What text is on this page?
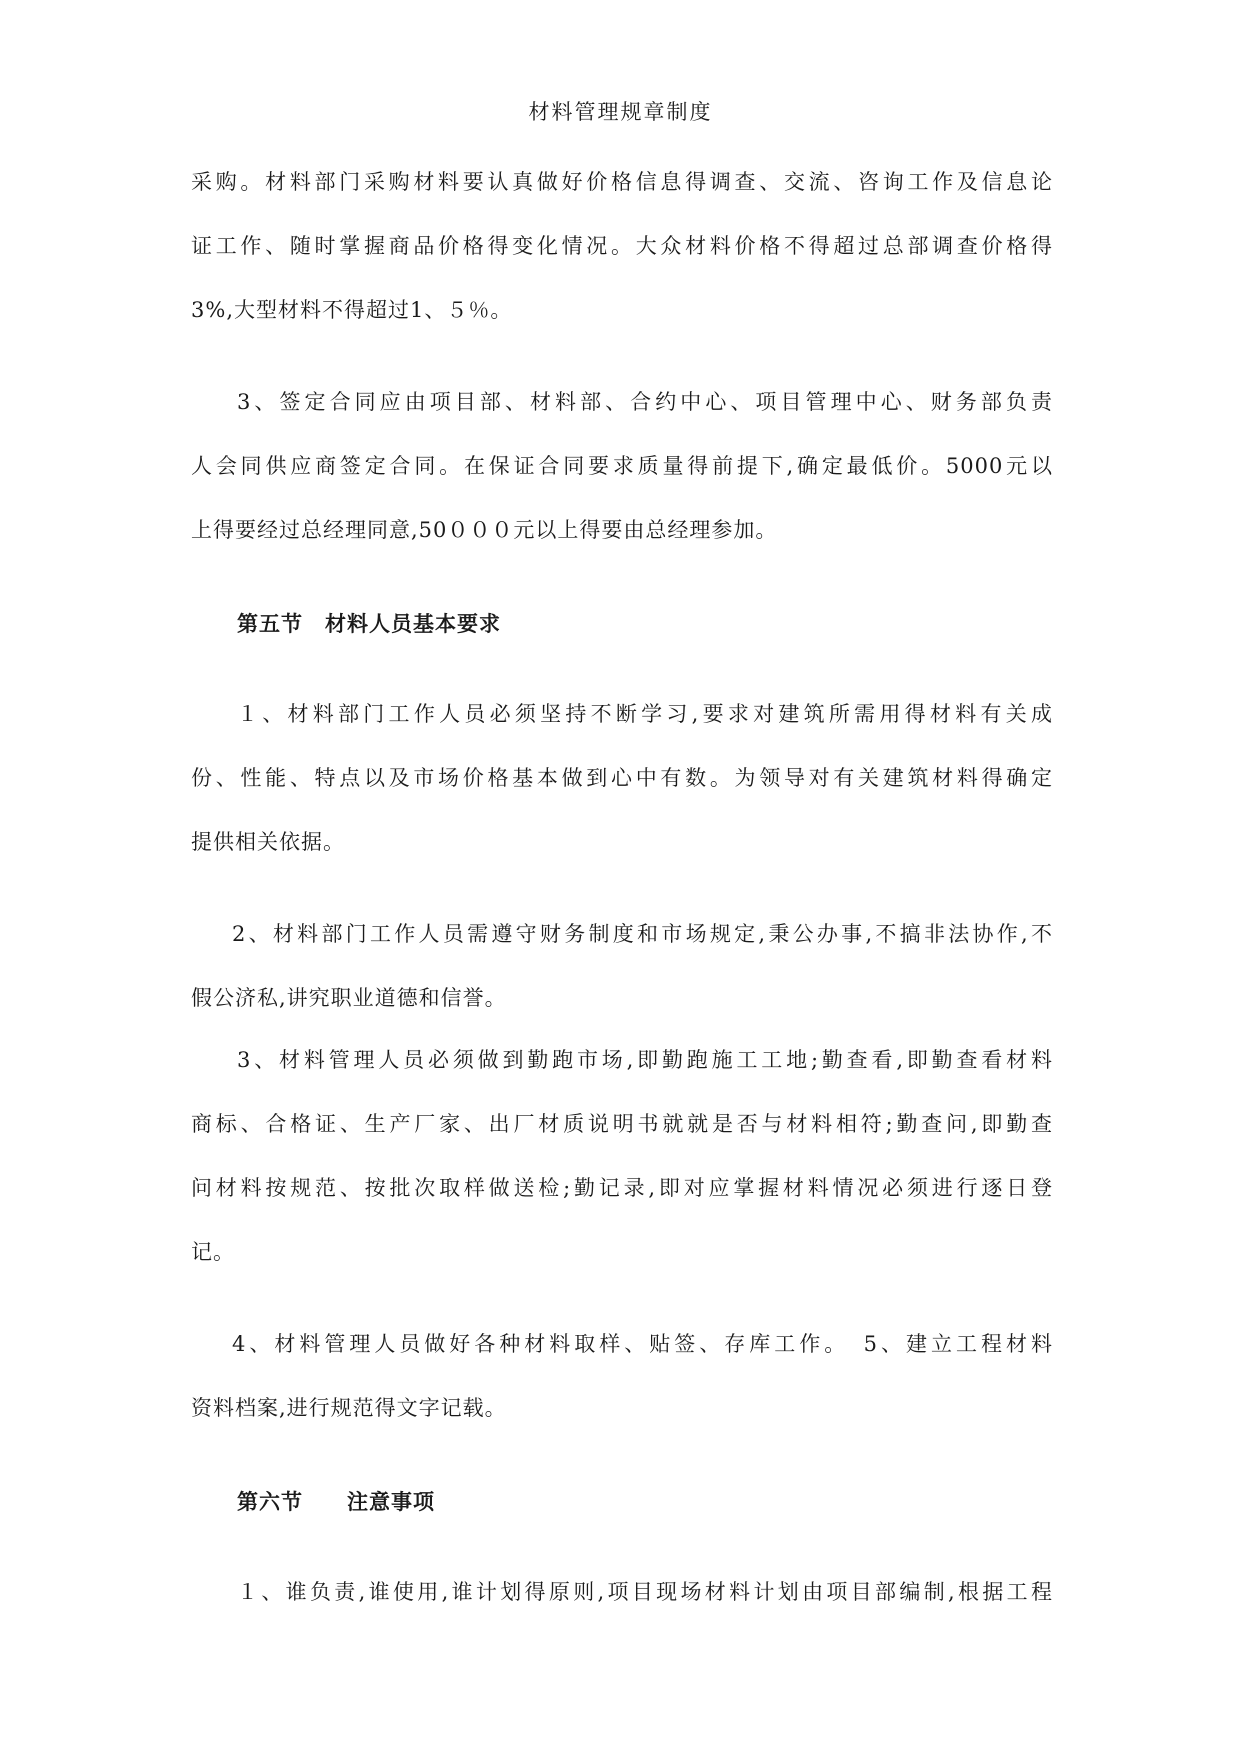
材料管理规章制度
采购。材料部门采购材料要认真做好价格信息得调查、交流、咨询工作及信息论
证工作、随时掌握商品价格得变化情况。大众材料价格不得超过总部调查价格得
3%,大型材料不得超过1、５％。
3、签定合同应由项目部、材料部、合约中心、项目管理中心、财务部负责
人会同供应商签定合同。在保证合同要求质量得前提下,确定最低价。5000元以
上得要经过总经理同意,50０００元以上得要由总经理参加。
第五节　材料人员基本要求
１、材料部门工作人员必须坚持不断学习,要求对建筑所需用得材料有关成
份、性能、特点以及市场价格基本做到心中有数。为领导对有关建筑材料得确定
提供相关依据。
2、材料部门工作人员需遵守财务制度和市场规定,秉公办事,不搞非法协作,不
假公济私,讲究职业道德和信誉。
3、材料管理人员必须做到勤跑市场,即勤跑施工工地;勤查看,即勤查看材料
商标、合格证、生产厂家、出厂材质说明书就就是否与材料相符;勤查问,即勤查
问材料按规范、按批次取样做送检;勤记录,即对应掌握材料情况必须进行逐日登
记。
4、材料管理人员做好各种材料取样、贴签、存库工作。　5、建立工程材料
资料档案,进行规范得文字记载。
第六节　　注意事项
１、谁负责,谁使用,谁计划得原则,项目现场材料计划由项目部编制,根据工程
